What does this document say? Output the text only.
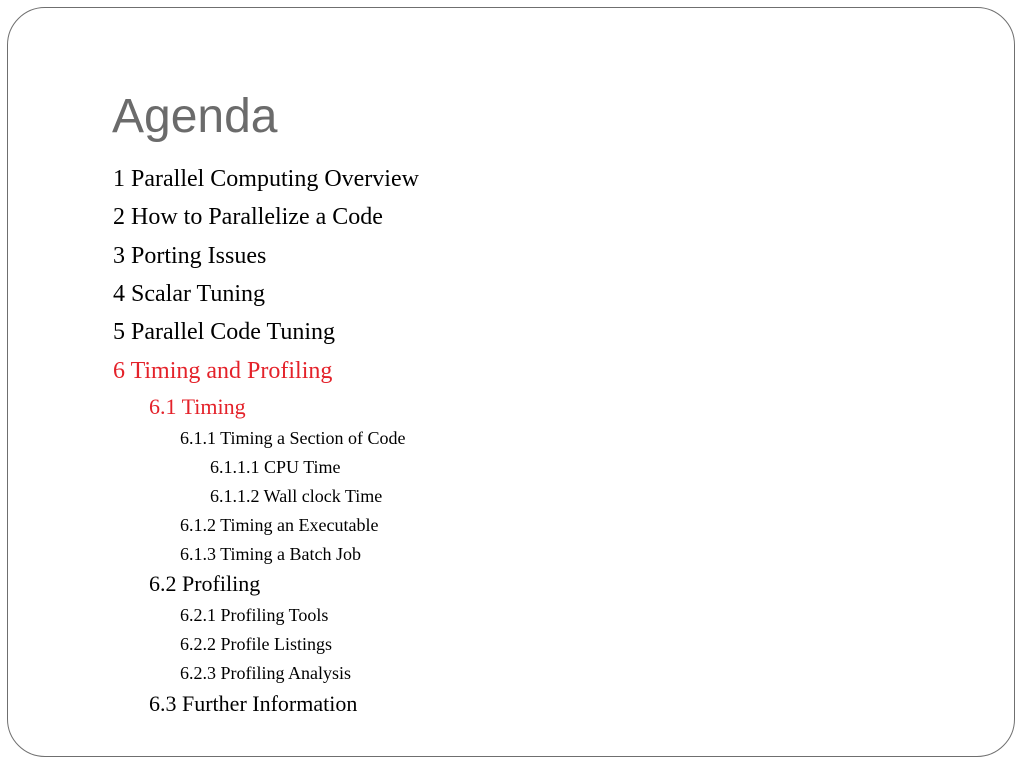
Agenda
1 Parallel Computing Overview
2 How to Parallelize a Code
3 Porting Issues
4 Scalar Tuning
5 Parallel Code Tuning
6 Timing and Profiling
6.1 Timing
6.1.1 Timing a Section of Code
6.1.1.1 CPU Time
6.1.1.2 Wall clock Time
6.1.2 Timing an Executable
6.1.3 Timing a Batch Job
6.2 Profiling
6.2.1 Profiling Tools
6.2.2 Profile Listings
6.2.3 Profiling Analysis
6.3 Further Information
